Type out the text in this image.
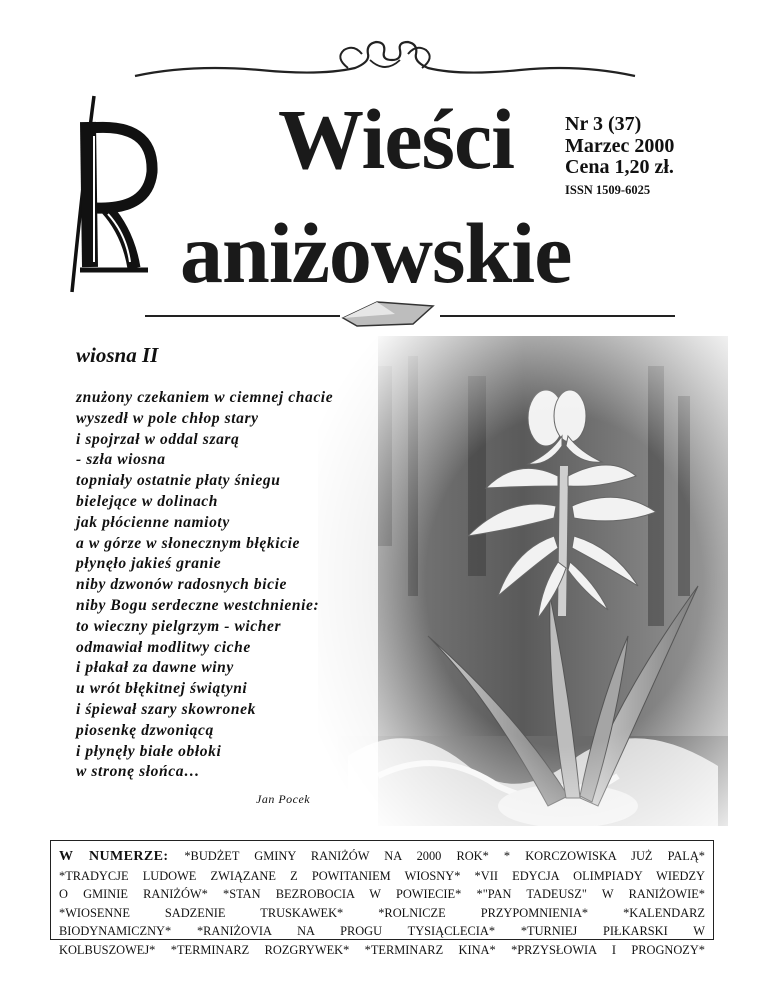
R
Wieści
aniżowskie
Nr 3 (37)
Marzec 2000
Cena 1,20 zł.
ISSN 1509-6025
wiosna II
znużony czekaniem w ciemnej chacie
wyszedł w pole chłop stary
i spojrzał w oddal szarą
- szła wiosna
topniały ostatnie płaty śniegu
bielejące w dolinach
jak płócienne namioty
a w górze w słonecznym błękicie
płynęło jakieś granie
niby dzwonów radosnych bicie
niby Bogu serdeczne westchnienie:
to wieczny pielgrzym - wicher
odmawiał modlitwy ciche
i płakał za dawne winy
u wrót błękitnej świątyni
i śpiewał szary skowronek
piosenkę dzwoniącą
i płynęły białe obłoki
w stronę słońca…
Jan Pocek
W NUMERZE: *BUDŻET GMINY RANIŻÓW NA 2000 ROK* * KORCZOWISKA JUŻ PALĄ*
*TRADYCJE LUDOWE ZWIĄZANE Z POWITANIEM WIOSNY* *VII EDYCJA OLIMPIADY WIEDZY
O GMINIE RANIŻÓW* *STAN BEZROBOCIA W POWIECIE* *"PAN TADEUSZ" W RANIŻOWIE*
*WIOSENNE SADZENIE TRUSKAWEK* *ROLNICZE PRZYPOMNIENIA* *KALENDARZ
BIODYNAMICZNY* *RANIŻOVIA NA PROGU TYSIĄCLECIA* *TURNIEJ PIŁKARSKI W
KOLBUSZOWEJ* *TERMINARZ ROZGRYWEK* *TERMINARZ KINA* *PRZYSŁOWIA I PROGNOZY*
